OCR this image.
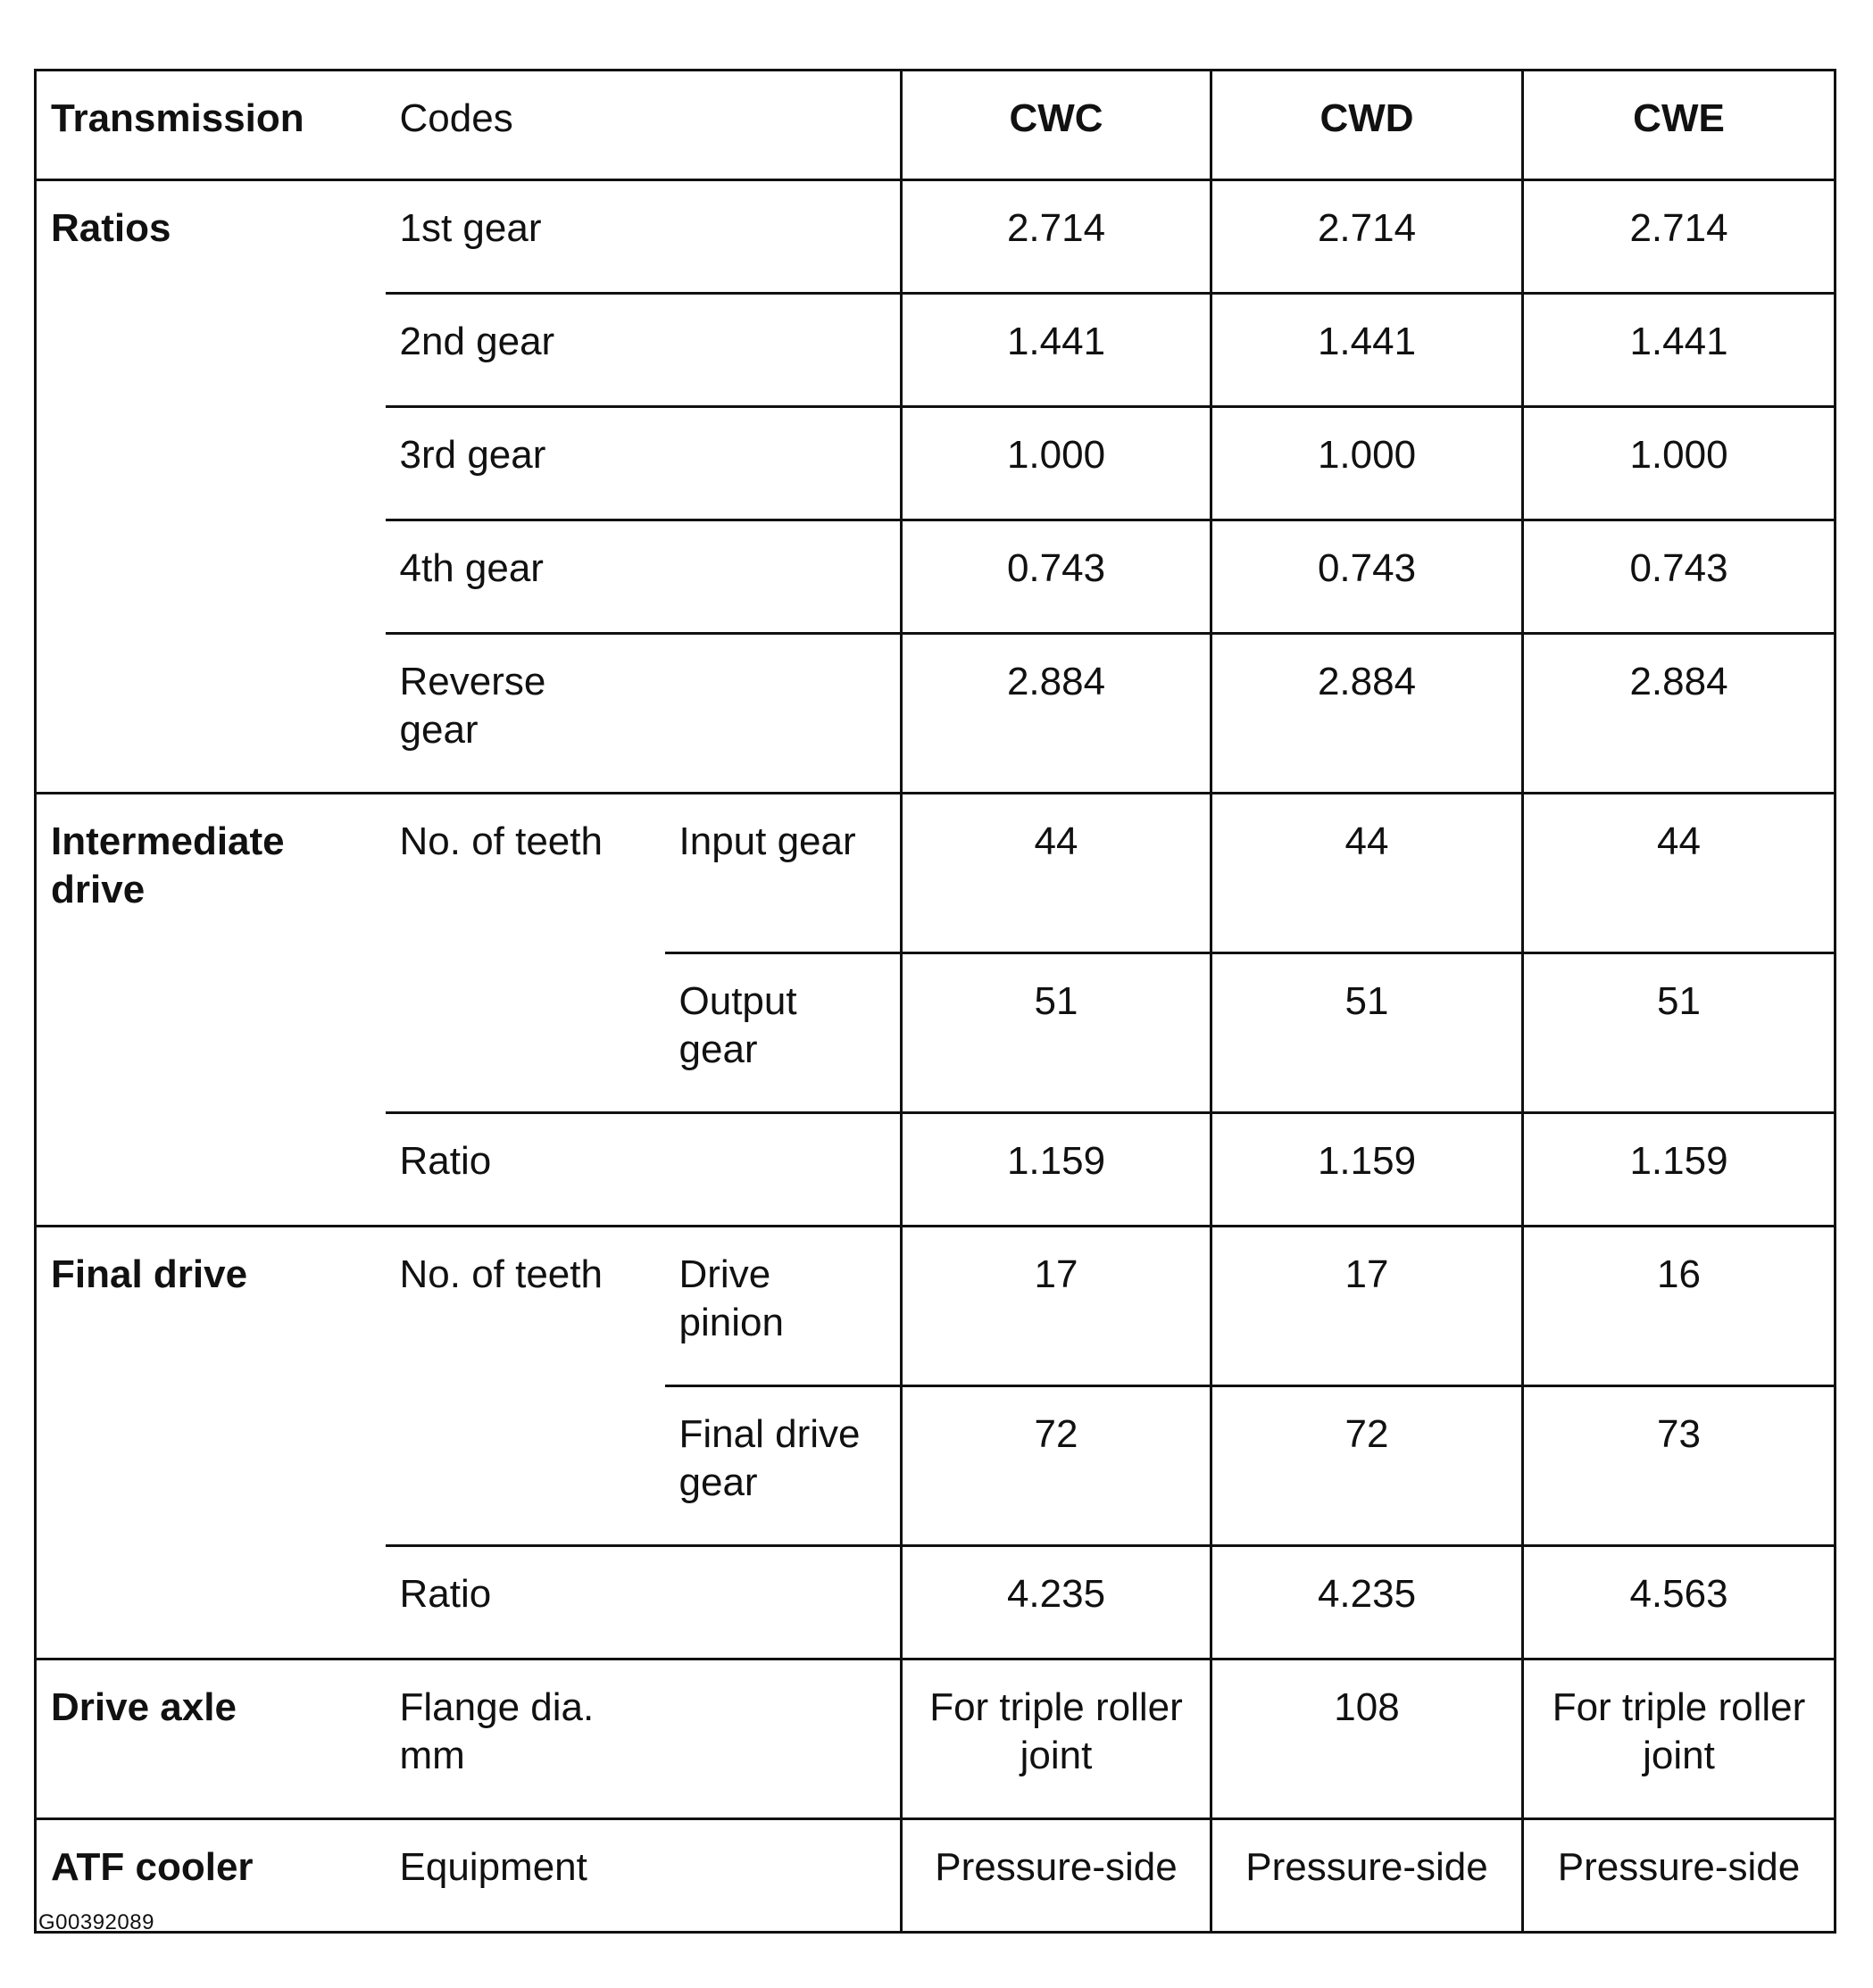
Transmission	Codes		CWC	CWD	CWE
Ratios	1st gear		2.714	2.714	2.714
	2nd gear		1.441	1.441	1.441
	3rd gear		1.000	1.000	1.000
	4th gear		0.743	0.743	0.743
	Reverse gear		2.884	2.884	2.884
Intermediate drive	No. of teeth	Input gear	44	44	44
		Output gear	51	51	51
	Ratio		1.159	1.159	1.159
Final drive	No. of teeth	Drive pinion	17	17	16
		Final drive gear	72	72	73
	Ratio		4.235	4.235	4.563
Drive axle	Flange dia. mm		For triple roller joint	108	For triple roller joint
ATF cooler	Equipment		Pressure-side	Pressure-side	Pressure-side
G00392089
